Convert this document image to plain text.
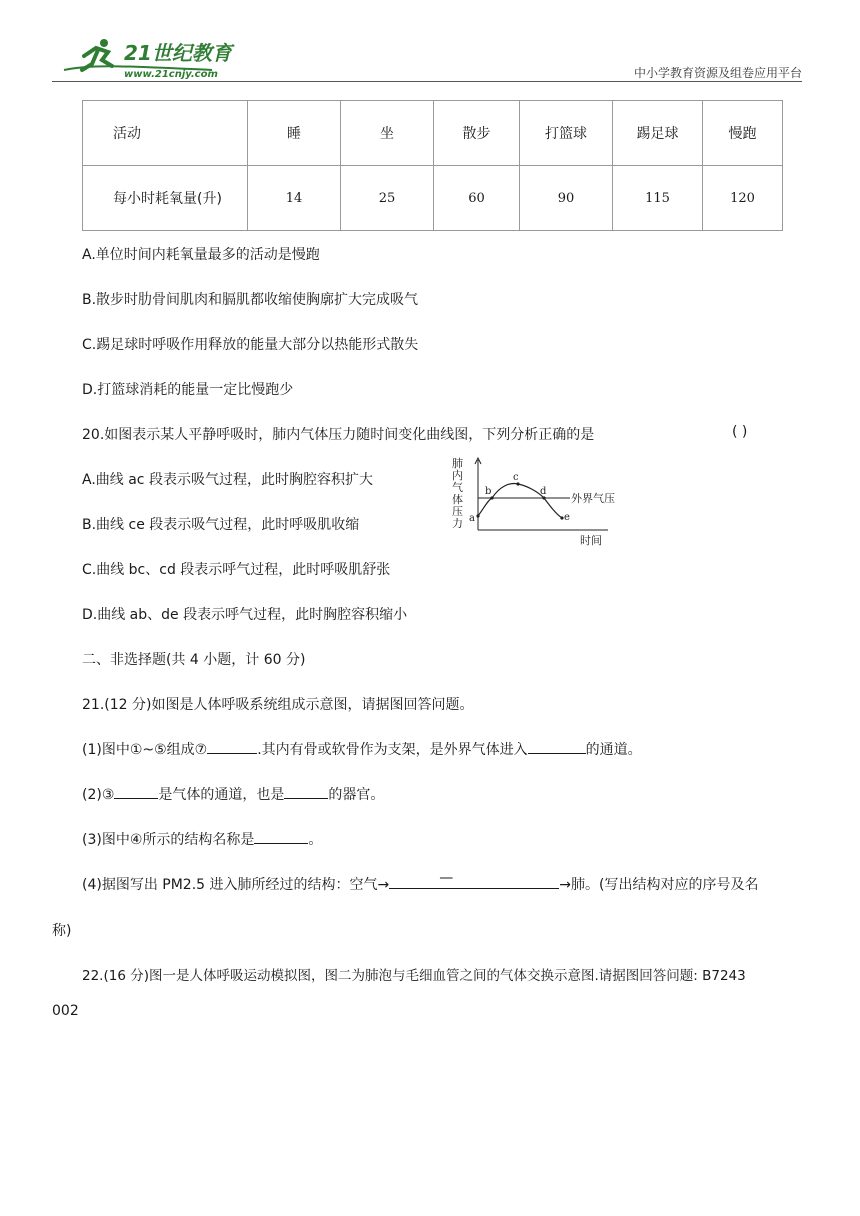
21世纪教育
www.21cnjy.com	中小学教育资源及组卷应用平台
活动	睡	坐	散步	打篮球	踢足球	慢跑
每小时耗氧量(升)	14	25	60	90	115	120
A.单位时间内耗氧量最多的活动是慢跑
B.散步时肋骨间肌肉和膈肌都收缩使胸廓扩大完成吸气
C.踢足球时呼吸作用释放的能量大部分以热能形式散失
D.打篮球消耗的能量一定比慢跑少
20.如图表示某人平静呼吸时，肺内气体压力随时间变化曲线图，下列分析正确的是	( )
A.曲线 ac 段表示吸气过程，此时胸腔容积扩大
B.曲线 ce 段表示吸气过程，此时呼吸肌收缩
C.曲线 bc、cd 段表示呼气过程，此时呼吸肌舒张
D.曲线 ab、de 段表示呼气过程，此时胸腔容积缩小
肺
内
气
体
压
力 a
b
c
d
e
外界气压
时间
二、非选择题(共 4 小题，计 60 分)
21.(12 分)如图是人体呼吸系统组成示意图，请据图回答问题。
(1)图中①~⑤组成⑦	.其内有骨或软骨作为支架，是外界气体进入	的通道。
(2)③	是气体的通道，也是	的器官。
(3)图中④所示的结构名称是	。
(4)据图写出 PM2.5 进入肺所经过的结构：空气→	—	→肺。(写出结构对应的序号及名
称)
22.(16 分)图一是人体呼吸运动模拟图，图二为肺泡与毛细血管之间的气体交换示意图.请据图回答问题: B7243
002
